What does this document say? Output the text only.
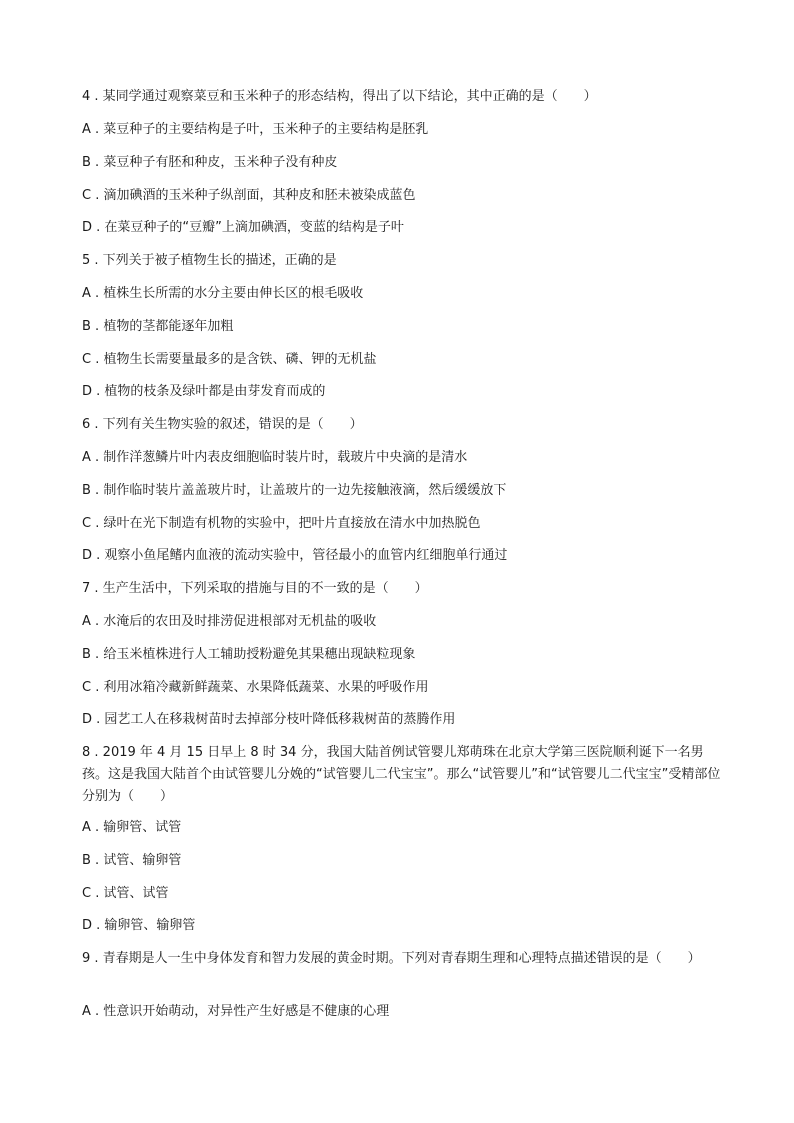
4 . 某同学通过观察菜豆和玉米种子的形态结构，得出了以下结论，其中正确的是（　　）
A . 菜豆种子的主要结构是子叶，玉米种子的主要结构是胚乳
B . 菜豆种子有胚和种皮，玉米种子没有种皮
C . 滴加碘酒的玉米种子纵剖面，其种皮和胚未被染成蓝色
D . 在菜豆种子的“豆瓣”上滴加碘酒，变蓝的结构是子叶
5 . 下列关于被子植物生长的描述，正确的是
A . 植株生长所需的水分主要由伸长区的根毛吸收
B . 植物的茎都能逐年加粗
C . 植物生长需要量最多的是含铁、磷、钾的无机盐
D . 植物的枝条及绿叶都是由芽发育而成的
6 . 下列有关生物实验的叙述，错误的是（　　）
A . 制作洋葱鳞片叶内表皮细胞临时装片时，载玻片中央滴的是清水
B . 制作临时装片盖盖玻片时，让盖玻片的一边先接触液滴，然后缓缓放下
C . 绿叶在光下制造有机物的实验中，把叶片直接放在清水中加热脱色
D . 观察小鱼尾鳍内血液的流动实验中，管径最小的血管内红细胞单行通过
7 . 生产生活中，下列采取的措施与目的不一致的是（　　）
A . 水淹后的农田及时排涝促进根部对无机盐的吸收
B . 给玉米植株进行人工辅助授粉避免其果穗出现缺粒现象
C . 利用冰箱冷藏新鲜蔬菜、水果降低蔬菜、水果的呼吸作用
D . 园艺工人在移栽树苗时去掉部分枝叶降低移栽树苗的蒸腾作用
8 . 2019 年 4 月 15 日早上 8 时 34 分，我国大陆首例试管婴儿郑萌珠在北京大学第三医院顺利诞下一名男孩。这是我国大陆首个由试管婴儿分娩的“试管婴儿二代宝宝”。那么“试管婴儿”和“试管婴儿二代宝宝”受精部位分别为（　　）
A . 输卵管、试管
B . 试管、输卵管
C . 试管、试管
D . 输卵管、输卵管
9 . 青春期是人一生中身体发育和智力发展的黄金时期。下列对青春期生理和心理特点描述错误的是（　　）
A . 性意识开始萌动，对异性产生好感是不健康的心理
